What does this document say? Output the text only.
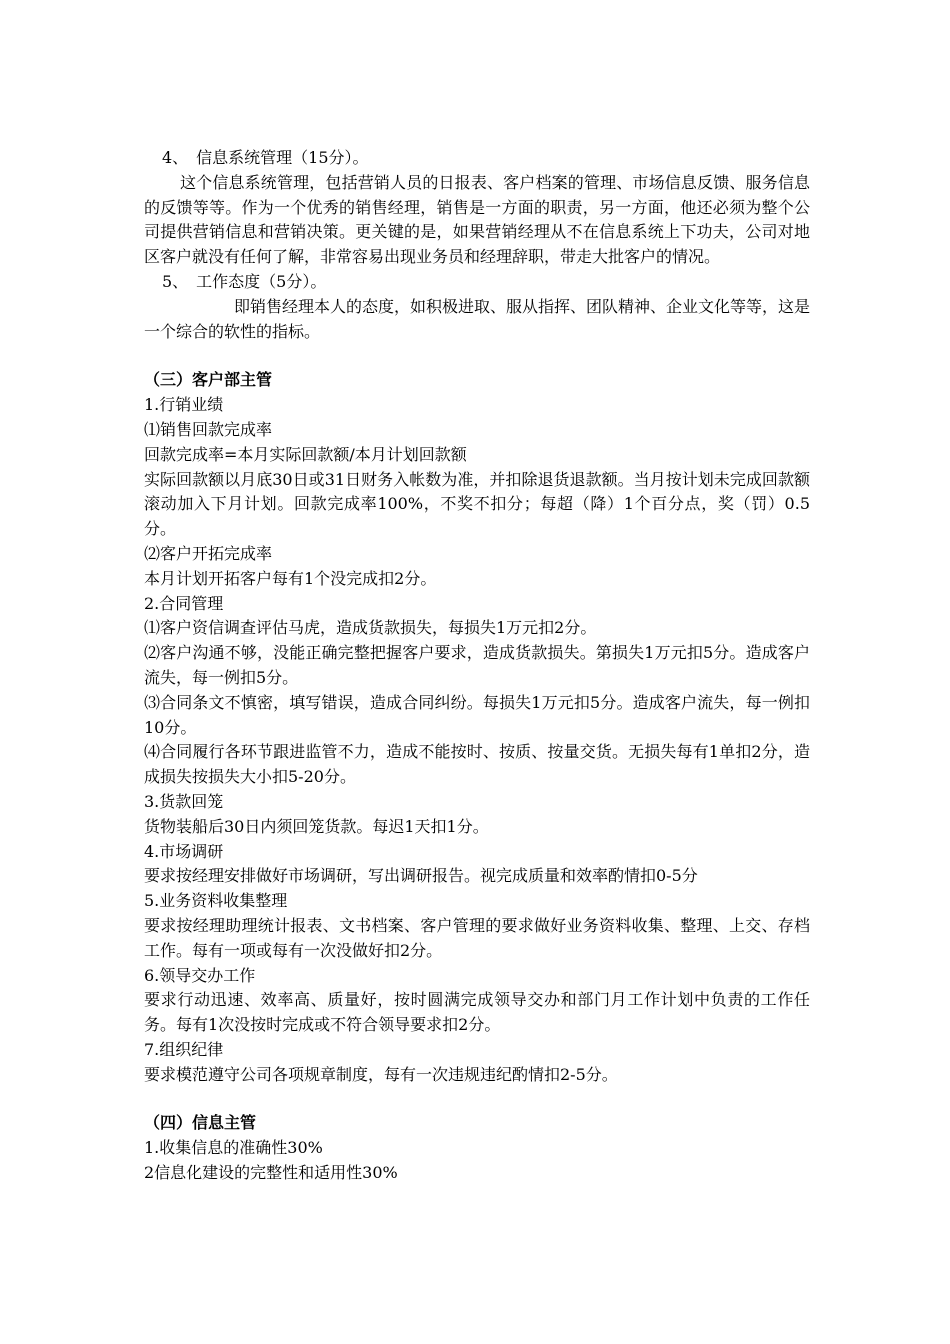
4、　信息系统管理（15分）。

这个信息系统管理，包括营销人员的日报表、客户档案的管理、市场信息反馈、服务信息的反馈等等。作为一个优秀的销售经理，销售是一方面的职责，另一方面，他还必须为整个公司提供营销信息和营销决策。更关键的是，如果营销经理从不在信息系统上下功夫，公司对地区客户就没有任何了解，非常容易出现业务员和经理辞职，带走大批客户的情况。

5、　工作态度（5分）。

即销售经理本人的态度，如积极进取、服从指挥、团队精神、企业文化等等，这是一个综合的软性的指标。

（三）客户部主管

1.行销业绩

⑴销售回款完成率

回款完成率=本月实际回款额/本月计划回款额

实际回款额以月底30日或31日财务入帐数为准，并扣除退货退款额。当月按计划未完成回款额滚动加入下月计划。回款完成率100%，不奖不扣分；每超（降）1个百分点，奖（罚）0.5分。

⑵客户开拓完成率

本月计划开拓客户每有1个没完成扣2分。

2.合同管理

⑴客户资信调查评估马虎，造成货款损失，每损失1万元扣2分。

⑵客户沟通不够，没能正确完整把握客户要求，造成货款损失。第损失1万元扣5分。造成客户流失，每一例扣5分。

⑶合同条文不慎密，填写错误，造成合同纠纷。每损失1万元扣5分。造成客户流失，每一例扣10分。

⑷合同履行各环节跟进监管不力，造成不能按时、按质、按量交货。无损失每有1单扣2分，造成损失按损失大小扣5-20分。

3.货款回笼

货物装船后30日内须回笼货款。每迟1天扣1分。

4.市场调研

要求按经理安排做好市场调研，写出调研报告。视完成质量和效率酌情扣0-5分

5.业务资料收集整理

要求按经理助理统计报表、文书档案、客户管理的要求做好业务资料收集、整理、上交、存档工作。每有一项或每有一次没做好扣2分。

6.领导交办工作

要求行动迅速、效率高、质量好，按时圆满完成领导交办和部门月工作计划中负责的工作任务。每有1次没按时完成或不符合领导要求扣2分。

7.组织纪律

要求模范遵守公司各项规章制度，每有一次违规违纪酌情扣2-5分。

（四）信息主管

1.收集信息的准确性30%

2信息化建设的完整性和适用性30%
